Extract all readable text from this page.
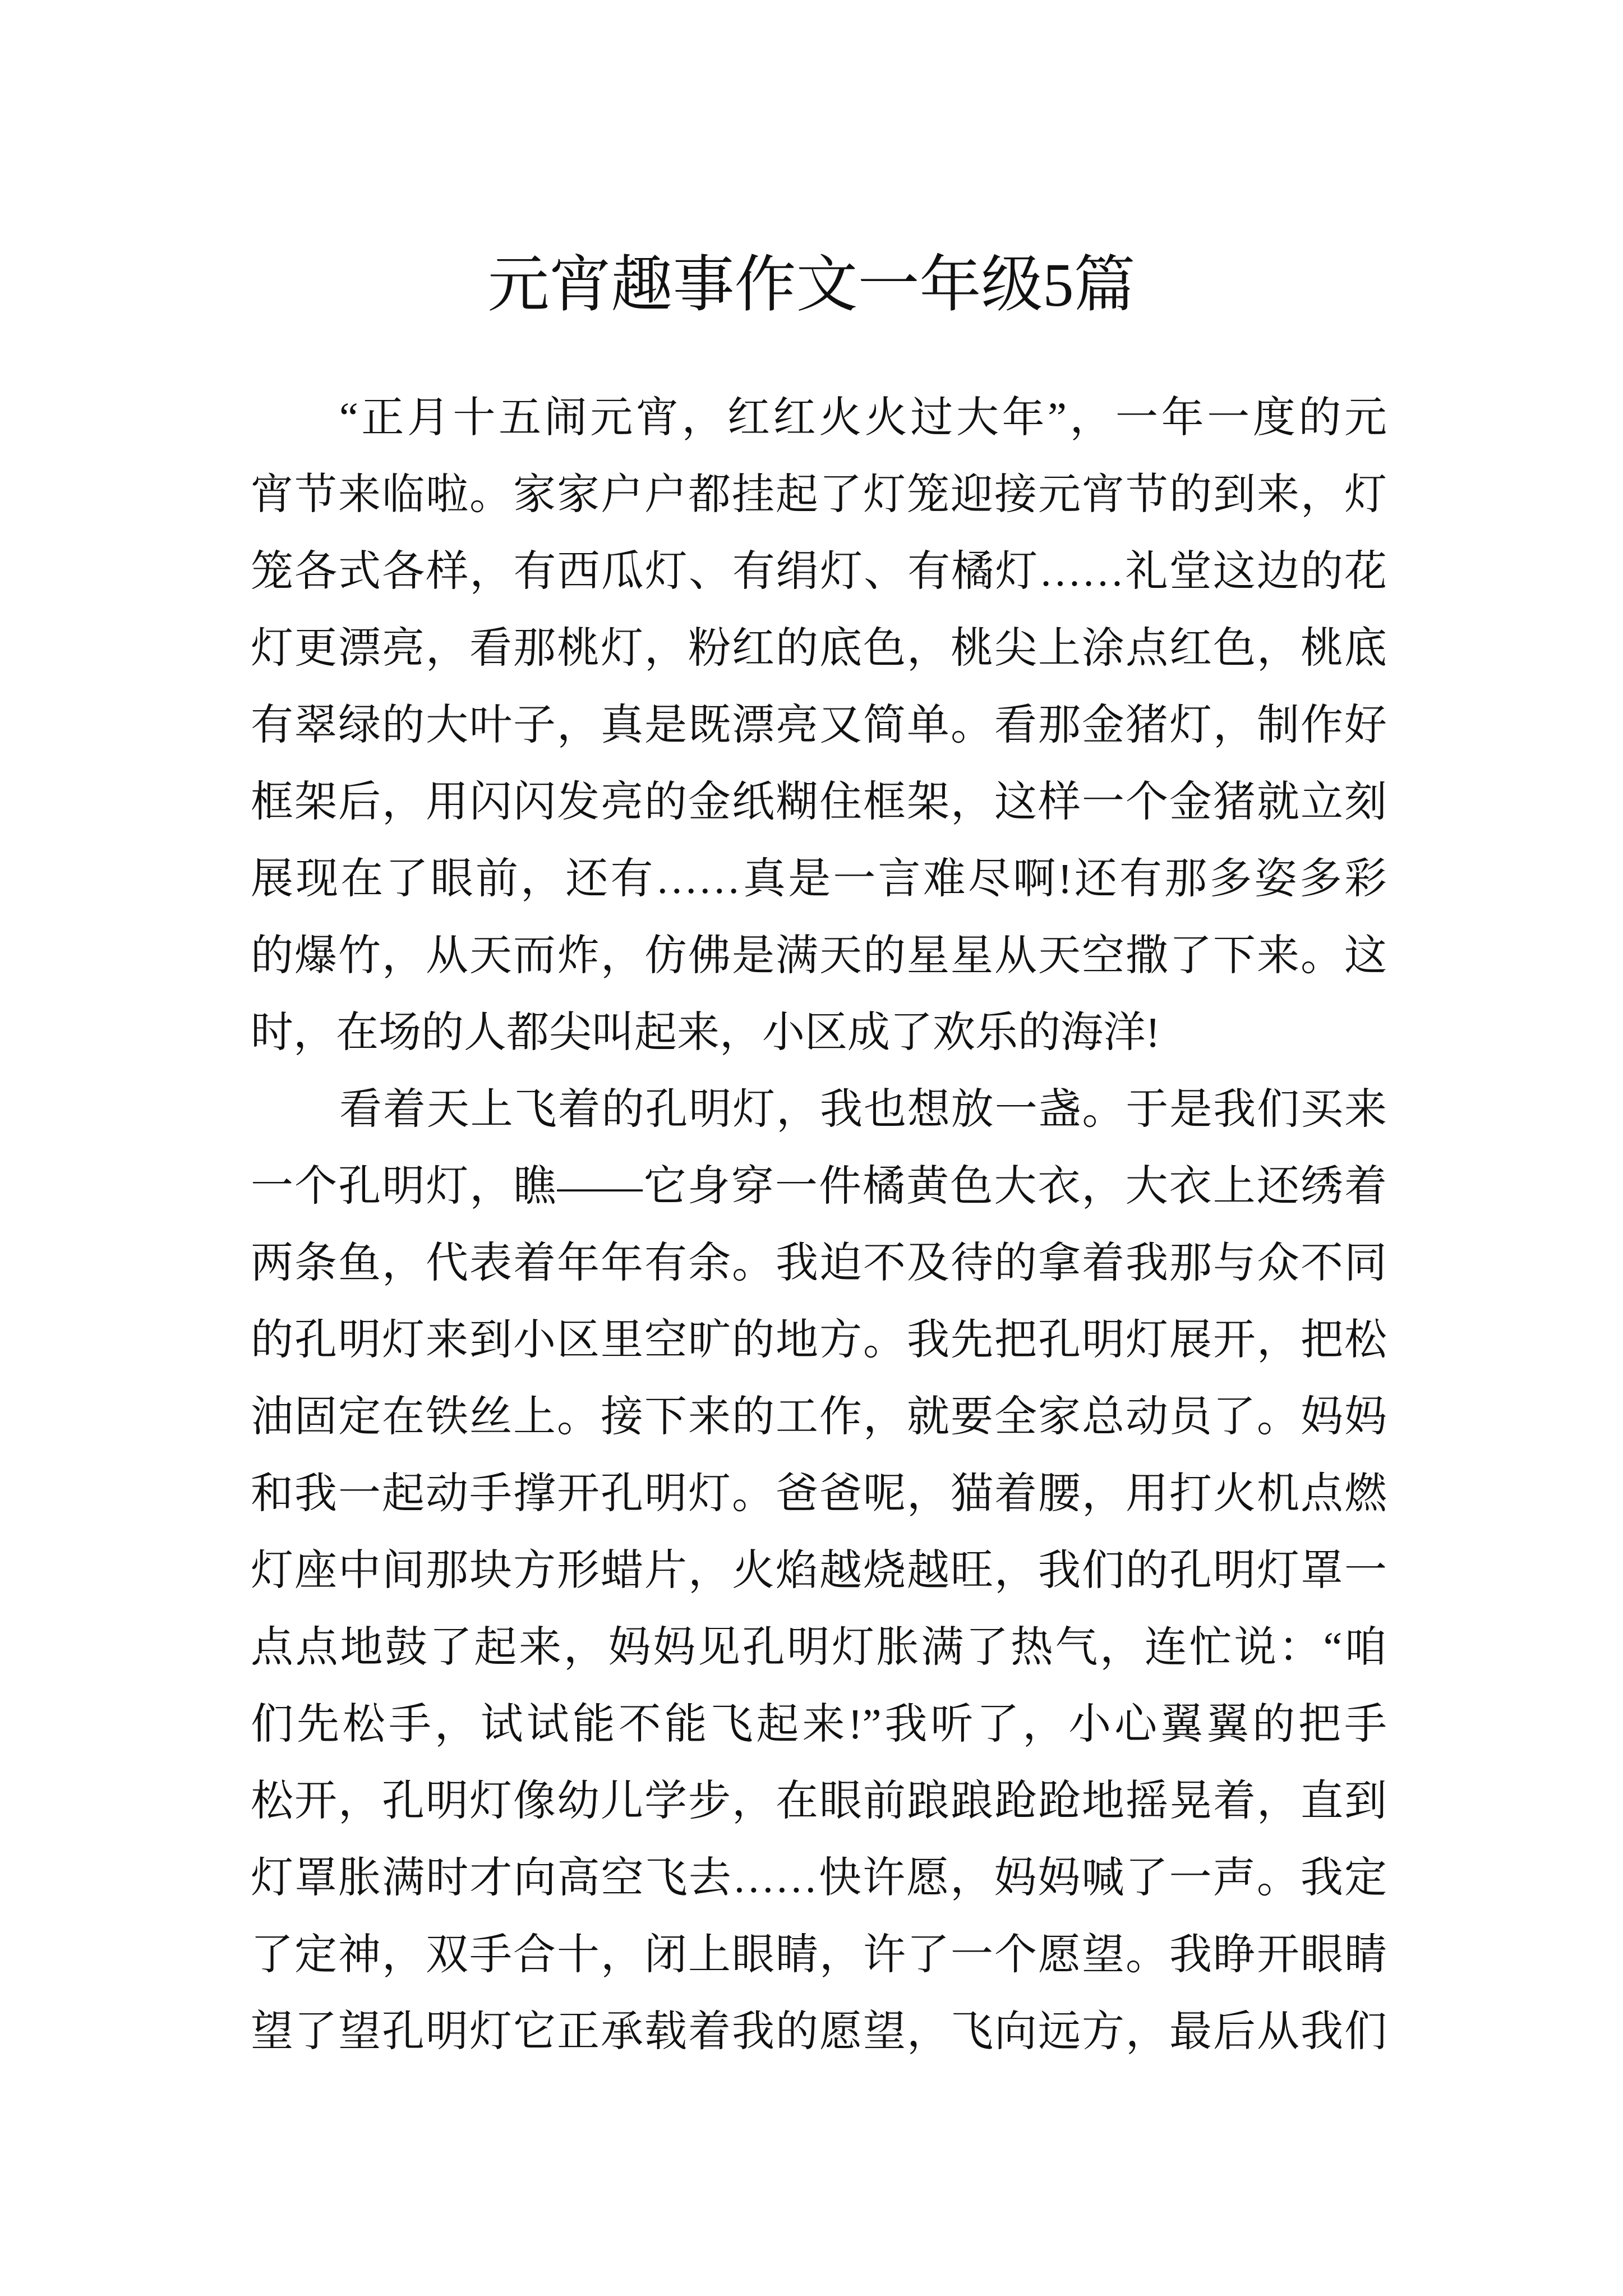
元宵趣事作文一年级5篇
“正月十五闹元宵，红红火火过大年”，一年一度的元
宵节来临啦。家家户户都挂起了灯笼迎接元宵节的到来，灯
笼各式各样，有西瓜灯、有绢灯、有橘灯……礼堂这边的花
灯更漂亮，看那桃灯，粉红的底色，桃尖上涂点红色，桃底
有翠绿的大叶子，真是既漂亮又简单。看那金猪灯，制作好
框架后，用闪闪发亮的金纸糊住框架，这样一个金猪就立刻
展现在了眼前，还有……真是一言难尽啊!还有那多姿多彩
的爆竹，从天而炸，仿佛是满天的星星从天空撒了下来。这
时，在场的人都尖叫起来，小区成了欢乐的海洋!
看着天上飞着的孔明灯，我也想放一盏。于是我们买来
一个孔明灯，瞧——它身穿一件橘黄色大衣，大衣上还绣着
两条鱼，代表着年年有余。我迫不及待的拿着我那与众不同
的孔明灯来到小区里空旷的地方。我先把孔明灯展开，把松
油固定在铁丝上。接下来的工作，就要全家总动员了。妈妈
和我一起动手撑开孔明灯。爸爸呢，猫着腰，用打火机点燃
灯座中间那块方形蜡片，火焰越烧越旺，我们的孔明灯罩一
点点地鼓了起来，妈妈见孔明灯胀满了热气，连忙说：“咱
们先松手，试试能不能飞起来!”我听了，小心翼翼的把手
松开，孔明灯像幼儿学步，在眼前踉踉跄跄地摇晃着，直到
灯罩胀满时才向高空飞去……快许愿，妈妈喊了一声。我定
了定神，双手合十，闭上眼睛，许了一个愿望。我睁开眼睛
望了望孔明灯它正承载着我的愿望，飞向远方，最后从我们
